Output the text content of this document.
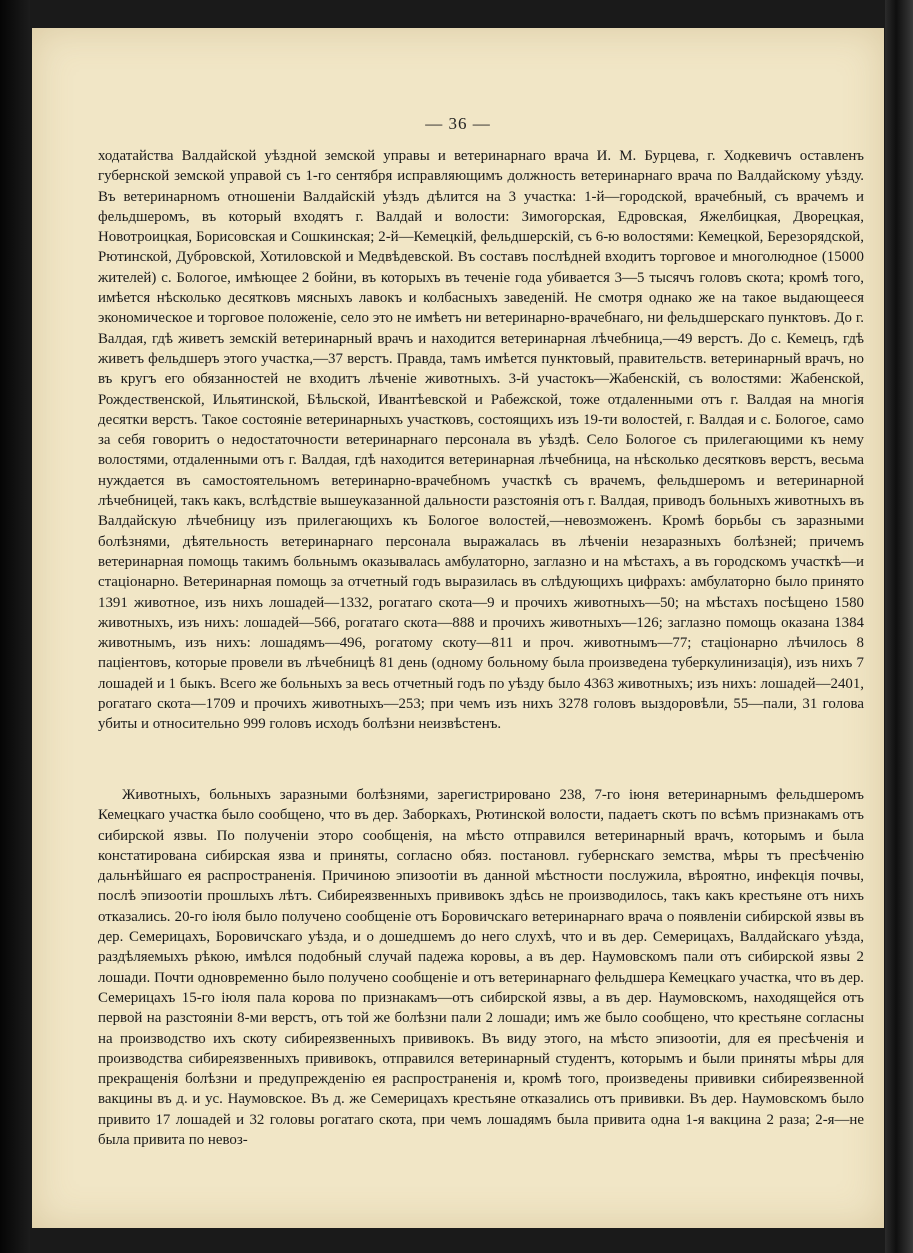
— 36 —

ходатайства Валдайской уѣздной земской управы и ветеринарнаго врача И. М. Бурцева, г. Ходкевичъ оставленъ губернской земской управой съ 1-го сентября исправляющимъ должность ветеринарнаго врача по Валдайскому уѣзду. Въ ветеринарномъ отношеніи Валдайскій уѣздъ дѣлится на 3 участка: 1-й—городской, врачебный, съ врачемъ и фельдшеромъ, въ который входятъ г. Валдай и волости: Зимогорская, Едровская, Яжелбицкая, Дворецкая, Новотроицкая, Борисовская и Сошкинская; 2-й—Кемецкій, фельдшерскій, съ 6-ю волостями: Кемецкой, Березорядской, Рютинской, Дубровской, Хотиловской и Медвѣдевской. Въ составъ послѣдней входитъ торговое и многолюдное (15000 жителей) с. Бологое, имѣющее 2 бойни, въ которыхъ въ теченіе года убивается 3—5 тысячъ головъ скота; кромѣ того, имѣется нѣсколько десятковъ мясныхъ лавокъ и колбасныхъ заведеній. Не смотря однако же на такое выдающееся экономическое и торговое положеніе, село это не имѣетъ ни ветеринарно-врачебнаго, ни фельдшерскаго пунктовъ. До г. Валдая, гдѣ живетъ земскій ветеринарный врачъ и находится ветеринарная лѣчебница,—49 верстъ. До с. Кемецъ, гдѣ живетъ фельдшеръ этого участка,—37 верстъ. Правда, тамъ имѣется пунктовый, правительств. ветеринарный врачъ, но въ кругъ его обязанностей не входитъ лѣченіе животныхъ. 3-й участокъ—Жабенскій, съ волостями: Жабенской, Рождественской, Ильятинской, Бѣльской, Ивантѣевской и Рабежской, тоже отдаленными отъ г. Валдая на многія десятки верстъ. Такое состояніе ветеринарныхъ участковъ, состоящихъ изъ 19-ти волостей, г. Валдая и с. Бологое, само за себя говоритъ о недостаточности ветеринарнаго персонала въ уѣздѣ. Село Бологое съ прилегающими къ нему волостями, отдаленными отъ г. Валдая, гдѣ находится ветеринарная лѣчебница, на нѣсколько десятковъ верстъ, весьма нуждается въ самостоятельномъ ветеринарно-врачебномъ участкѣ съ врачемъ, фельдшеромъ и ветеринарной лѣчебницей, такъ какъ, вслѣдствіе вышеуказанной дальности разстоянія отъ г. Валдая, приводъ больныхъ животныхъ въ Валдайскую лѣчебницу изъ прилегающихъ къ Бологое волостей,—невозможенъ. Кромѣ борьбы съ заразными болѣзнями, дѣятельность ветеринарнаго персонала выражалась въ лѣченіи незаразныхъ болѣзней; причемъ ветеринарная помощь такимъ больнымъ оказывалась амбулаторно, заглазно и на мѣстахъ, а въ городскомъ участкѣ—и стаціонарно. Ветеринарная помощь за отчетный годъ выразилась въ слѣдующихъ цифрахъ: амбулаторно было принято 1391 животное, изъ нихъ лошадей—1332, рогатаго скота—9 и прочихъ животныхъ—50; на мѣстахъ посѣщено 1580 животныхъ, изъ нихъ: лошадей—566, рогатаго скота—888 и прочихъ животныхъ—126; заглазно помощь оказана 1384 животнымъ, изъ нихъ: лошадямъ—496, рогатому скоту—811 и проч. животнымъ—77; стаціонарно лѣчилось 8 паціентовъ, которые провели въ лѣчебницѣ 81 день (одному больному была произведена туберкулинизація), изъ нихъ 7 лошадей и 1 быкъ. Всего же больныхъ за весь отчетный годъ по уѣзду было 4363 животныхъ; изъ нихъ: лошадей—2401, рогатаго скота—1709 и прочихъ животныхъ—253; при чемъ изъ нихъ 3278 головъ выздоровѣли, 55—пали, 31 голова убиты и относительно 999 головъ исходъ болѣзни неизвѣстенъ.

Животныхъ, больныхъ заразными болѣзнями, зарегистрировано 238, 7-го іюня ветеринарнымъ фельдшеромъ Кемецкаго участка было сообщено, что въ дер. Заборкахъ, Рютинской волости, падаетъ скотъ по всѣмъ признакамъ отъ сибирской язвы. По полученіи эторо сообщенія, на мѣсто отправился ветеринарный врачъ, которымъ и была констатирована сибирская язва и приняты, согласно обяз. постановл. губернскаго земства, мѣры тъ пресѣченію дальнѣйшаго ея распространенія. Причиною эпизоотіи въ данной мѣстности послужила, вѣроятно, инфекція почвы, послѣ эпизоотіи прошлыхъ лѣтъ. Сибиреязвенныхъ прививокъ здѣсь не производилось, такъ какъ крестьяне отъ нихъ отказались. 20-го іюля было получено сообщеніе отъ Боровичскаго ветеринарнаго врача о появленіи сибирской язвы въ дер. Семерицахъ, Боровичскаго уѣзда, и о дошедшемъ до него слухѣ, что и въ дер. Семерицахъ, Валдайскаго уѣзда, раздѣляемыхъ рѣкою, имѣлся подобный случай падежа коровы, а въ дер. Наумовскомъ пали отъ сибирской язвы 2 лошади. Почти одновременно было получено сообщеніе и отъ ветеринарнаго фельдшера Кемецкаго участка, что въ дер. Семерицахъ 15-го іюля пала корова по признакамъ—отъ сибирской язвы, а въ дер. Наумовскомъ, находящейся отъ первой на разстояніи 8-ми верстъ, отъ той же болѣзни пали 2 лошади; имъ же было сообщено, что крестьяне согласны на производство ихъ скоту сибиреязвенныхъ прививокъ. Въ виду этого, на мѣсто эпизоотіи, для ея пресѣченія и производства сибиреязвенныхъ прививокъ, отправился ветеринарный студентъ, которымъ и были приняты мѣры для прекращенія болѣзни и предупрежденію ея распространенія и, кромѣ того, произведены прививки сибиреязвенной вакцины въ д. и ус. Наумовское. Въ д. же Семерицахъ крестьяне отказались отъ прививки. Въ дер. Наумовскомъ было привито 17 лошадей и 32 головы рогатаго скота, при чемъ лошадямъ была привита одна 1-я вакцина 2 раза; 2-я—не была привита по невоз-
